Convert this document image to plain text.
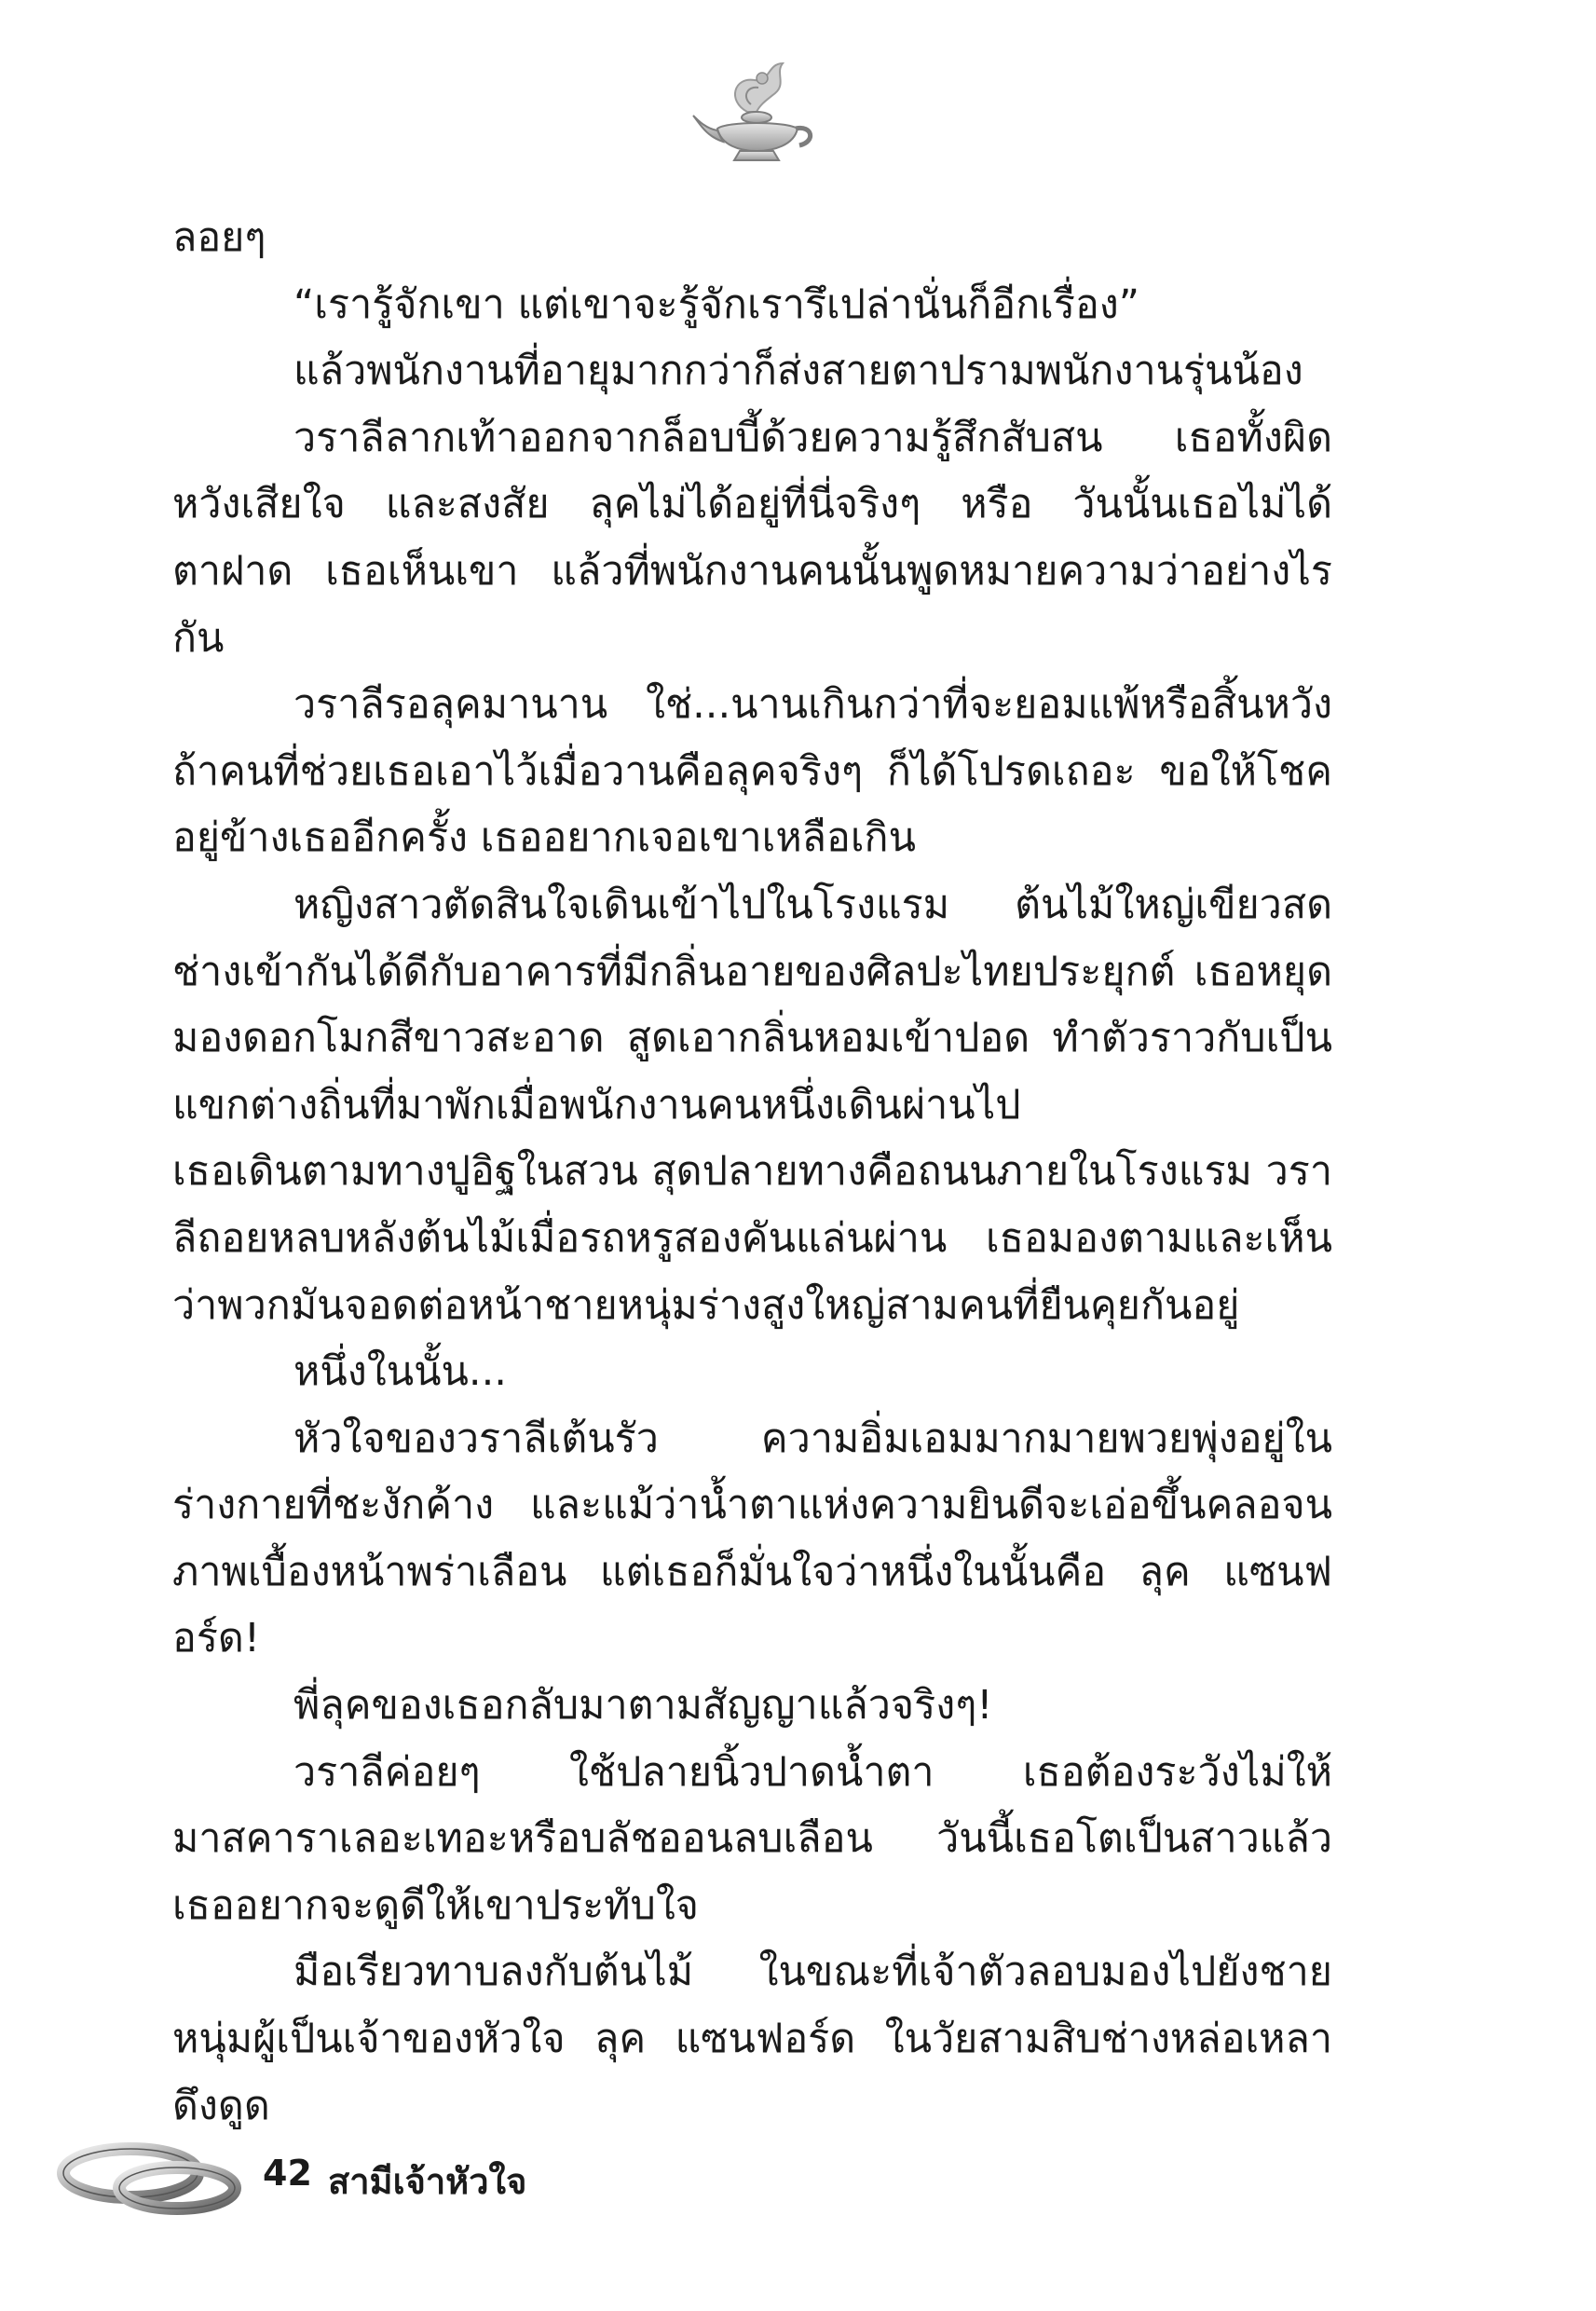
ลอยๆ

“เรารู้จักเขา แต่เขาจะรู้จักเรารึเปล่านั่นก็อีกเรื่อง”

แล้วพนักงานที่อายุมากกว่าก็ส่งสายตาปรามพนักงานรุ่นน้อง

วราลีลากเท้าออกจากล็อบบี้ด้วยความรู้สึกสับสน เธอทั้งผิดหวังเสียใจ และสงสัย ลุคไม่ได้อยู่ที่นี่จริงๆ หรือ วันนั้นเธอไม่ได้ตาฝาด เธอเห็นเขา แล้วที่พนักงานคนนั้นพูดหมายความว่าอย่างไรกัน

วราลีรอลุคมานาน ใช่...นานเกินกว่าที่จะยอมแพ้หรือสิ้นหวัง ถ้าคนที่ช่วยเธอเอาไว้เมื่อวานคือลุคจริงๆ ก็ได้โปรดเถอะ ขอให้โชคอยู่ข้างเธออีกครั้ง เธออยากเจอเขาเหลือเกิน

หญิงสาวตัดสินใจเดินเข้าไปในโรงแรม ต้นไม้ใหญ่เขียวสดช่างเข้ากันได้ดีกับอาคารที่มีกลิ่นอายของศิลปะไทยประยุกต์ เธอหยุดมองดอกโมกสีขาวสะอาด สูดเอากลิ่นหอมเข้าปอด ทำตัวราวกับเป็นแขกต่างถิ่นที่มาพักเมื่อพนักงานคนหนึ่งเดินผ่านไป

เธอเดินตามทางปูอิฐในสวน สุดปลายทางคือถนนภายในโรงแรม วราลีถอยหลบหลังต้นไม้เมื่อรถหรูสองคันแล่นผ่าน เธอมองตามและเห็นว่าพวกมันจอดต่อหน้าชายหนุ่มร่างสูงใหญ่สามคนที่ยืนคุยกันอยู่

หนึ่งในนั้น...

หัวใจของวราลีเต้นรัว ความอิ่มเอมมากมายพวยพุ่งอยู่ในร่างกายที่ชะงักค้าง และแม้ว่าน้ำตาแห่งความยินดีจะเอ่อขึ้นคลอจนภาพเบื้องหน้าพร่าเลือน แต่เธอก็มั่นใจว่าหนึ่งในนั้นคือ ลุค แซนฟอร์ด!

พี่ลุคของเธอกลับมาตามสัญญาแล้วจริงๆ!

วราลีค่อยๆ ใช้ปลายนิ้วปาดน้ำตา เธอต้องระวังไม่ให้มาสคาราเลอะเทอะหรือบลัชออนลบเลือน วันนี้เธอโตเป็นสาวแล้ว เธออยากจะดูดีให้เขาประทับใจ

มือเรียวทาบลงกับต้นไม้ ในขณะที่เจ้าตัวลอบมองไปยังชายหนุ่มผู้เป็นเจ้าของหัวใจ ลุค แซนฟอร์ด ในวัยสามสิบช่างหล่อเหลาดึงดูด

42 สามีเจ้าหัวใจ
